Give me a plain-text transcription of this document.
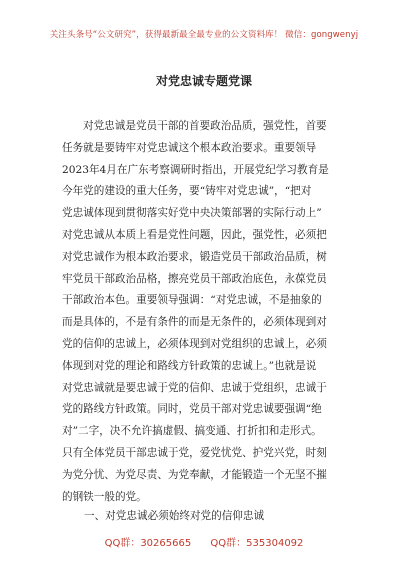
关注头条号“公文研究”，获得最新最全最专业的公文资料库！ 微信：gongwenyj
对党忠诚专题党课
对党忠诚是党员干部的首要政治品质，强党性，首要
任务就是要铸牢对党忠诚这个根本政治要求。重要领导
2023年4月在广东考察调研时指出，开展党纪学习教育是
今年党的建设的重大任务，要“铸牢对党忠诚”，“把对
党忠诚体现到贯彻落实好党中央决策部署的实际行动上”
对党忠诚从本质上看是党性问题，因此，强党性，必须把
对党忠诚作为根本政治要求，锻造党员干部政治品质，树
牢党员干部政治品格，擦亮党员干部政治底色，永葆党员
干部政治本色。重要领导强调：“对党忠诚，不是抽象的
而是具体的，不是有条件的而是无条件的，必须体现到对
党的信仰的忠诚上，必须体现到对党组织的忠诚上，必须
体现到对党的理论和路线方针政策的忠诚上。”也就是说
对党忠诚就是要忠诚于党的信仰、忠诚于党组织，忠诚于
党的路线方针政策。同时，党员干部对党忠诚要强调“绝
对”二字，决不允许搞虚假、搞变通、打折扣和走形式。
只有全体党员干部忠诚于党，爱党忧党、护党兴党，时刻
为党分忧、为党尽责、为党奉献，才能锻造一个无坚不摧
的钢铁一般的党。
一、对党忠诚必须始终对党的信仰忠诚
QQ群：30265665 QQ群：535304092
